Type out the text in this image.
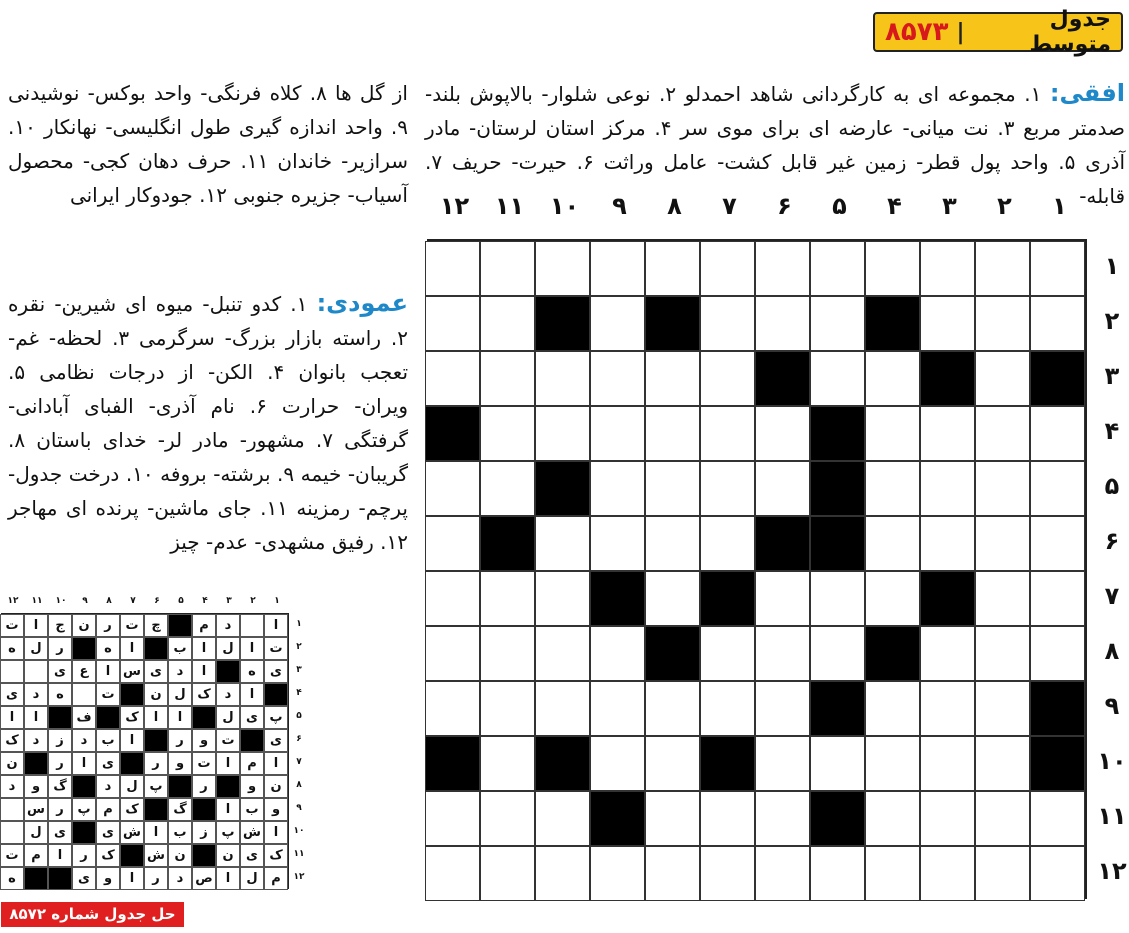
جدول متوسط
|
۸۵۷۳
افقی: ۱. مجموعه ای به کارگردانی شاهد احمدلو ۲. نوعی شلوار- بالاپوش بلند- صدمتر مربع ۳. نت میانی- عارضه ای برای موی سر ۴. مرکز استان لرستان- مادر آذری ۵. واحد پول قطر- زمین غیر قابل کشت- عامل وراثت ۶. حیرت- حریف ۷. قابله-
از گل ها ۸. کلاه فرنگی- واحد بوکس- نوشیدنی ۹. واحد اندازه گیری طول انگلیسی- نهانکار ۱۰. سرازیر- خاندان ۱۱. حرف دهان کجی- محصول آسیاب- جزیره جنوبی ۱۲. جودوکار ایرانی
عمودی: ۱. کدو تنبل- میوه ای شیرین- نقره ۲. راسته بازار بزرگ- سرگرمی ۳. لحظه- غم- تعجب بانوان ۴. الکن- از درجات نظامی ۵. ویران- حرارت ۶. نام آذری- الفبای آبادانی- گرفتگی ۷. مشهور- مادر لر- خدای باستان ۸. گریبان- خیمه ۹. برشته- بروفه ۱۰. درخت جدول- پرچم- رمزینه ۱۱. جای ماشین- پرنده ای مهاجر ۱۲. رفیق مشهدی- عدم- چیز
۱
۲
۳
۴
۵
۶
۷
۸
۹
۱۰
۱۱
۱۲
۱
۲
۳
۴
۵
۶
۷
۸
۹
۱۰
۱۱
۱۲
۱
۲
۳
۴
۵
۶
۷
۸
۹
۱۰
۱۱
۱۲
۱
۲
۳
۴
۵
۶
۷
۸
۹
۱۰
۱۱
۱۲
ا
د
م
چ
ت
ر
ن
ج
ا
ت
ت
ا
ل
ا
ب
ا
ه
ر
ل
ه
ی
ه
ا
د
ی
س
ا
ع
ی
ا
د
ک
ل
ن
ت
ه
د
ی
پ
ی
ل
ا
ا
ک
ف
ا
ا
ی
ت
و
ر
ا
ب
د
ز
د
ک
ا
م
ا
ت
و
ر
ی
ا
ر
ن
ن
و
ر
پ
ل
د
گ
و
د
و
ب
ا
گ
ک
م
پ
ر
س
ا
ش
پ
ز
ب
ا
ش
ی
ی
ل
ک
ی
ن
ن
ش
ک
ر
ا
م
ت
م
ل
ا
ص
د
ر
ا
و
ی
ه
حل جدول شماره ۸۵۷۲
